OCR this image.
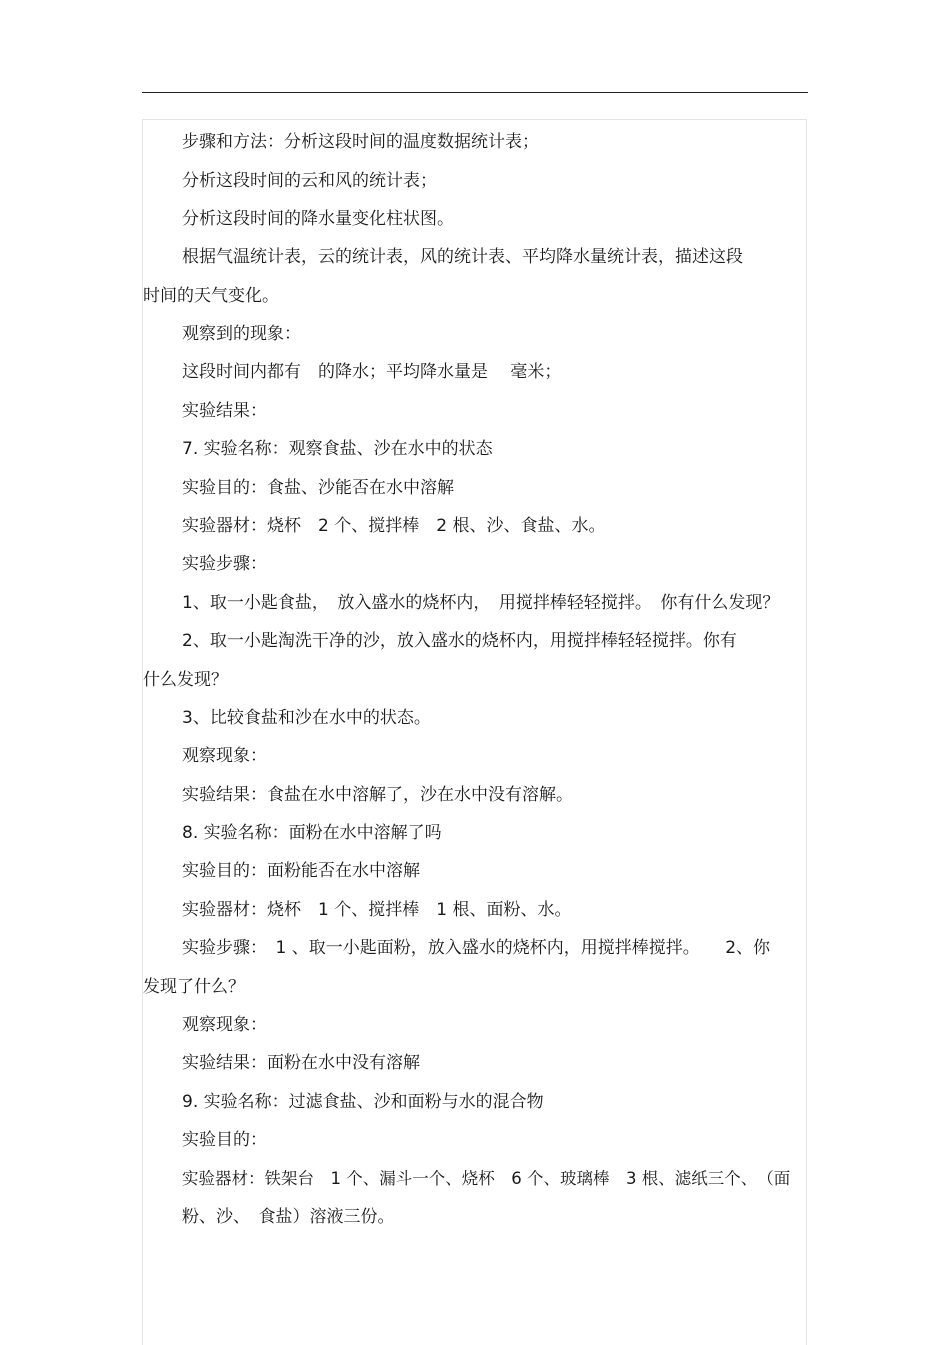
步骤和方法：分析这段时间的温度数据统计表；
分析这段时间的云和风的统计表；
分析这段时间的降水量变化柱状图。
根据气温统计表，云的统计表，风的统计表、平均降水量统计表，描述这段
时间的天气变化。
观察到的现象：
这段时间内都有　的降水；平均降水量是　 毫米；
实验结果：
7. 实验名称：观察食盐、沙在水中的状态
实验目的：食盐、沙能否在水中溶解
实验器材：烧杯　2 个、搅拌棒　2 根、沙、食盐、水。
实验步骤：
1、取一小匙食盐，　放入盛水的烧杯内，　用搅拌棒轻轻搅拌。　你有什么发现？
2、取一小匙淘洗干净的沙，放入盛水的烧杯内，用搅拌棒轻轻搅拌。你有
什么发现？
3、比较食盐和沙在水中的状态。
观察现象：
实验结果：食盐在水中溶解了，沙在水中没有溶解。
8. 实验名称：面粉在水中溶解了吗
实验目的：面粉能否在水中溶解
实验器材：烧杯　1 个、搅拌棒　1 根、面粉、水。
实验步骤：　1 、取一小匙面粉，放入盛水的烧杯内，用搅拌棒搅拌。　　2、你
发现了什么？
观察现象：
实验结果：面粉在水中没有溶解
9. 实验名称：过滤食盐、沙和面粉与水的混合物
实验目的：
实验器材：铁架台　1 个、漏斗一个、烧杯　6 个、玻璃棒　3 根、滤纸三个、　（面
粉、沙、　食盐）溶液三份。
